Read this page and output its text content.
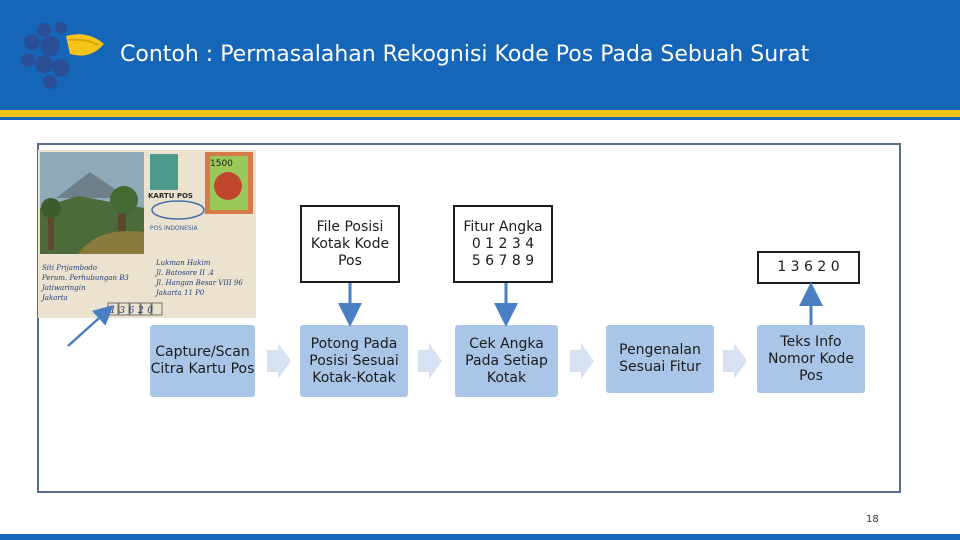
Contoh : Permasalahan Rekognisi Kode Pos Pada Sebuah Surat
1500
KARTU POS
POS INDONESIA
Lukman Hakim
Jl. Batosore II .4
Jl. Hangan Besar VIII 96
Jakarta 11 P0
Siti Prijambodo
Perum. Perhubungan B3
Jatiwaringin
Jakarta
13620
Capture/Scan Citra Kartu Pos
Potong Pada Posisi Sesuai Kotak-Kotak
Cek Angka Pada Setiap Kotak
Pengenalan Sesuai Fitur
Teks Info Nomor Kode Pos
File Posisi Kotak Kode Pos
Fitur Angka
0 1 2 3 4
5 6 7 8 9	1 3 6 2 0
18
